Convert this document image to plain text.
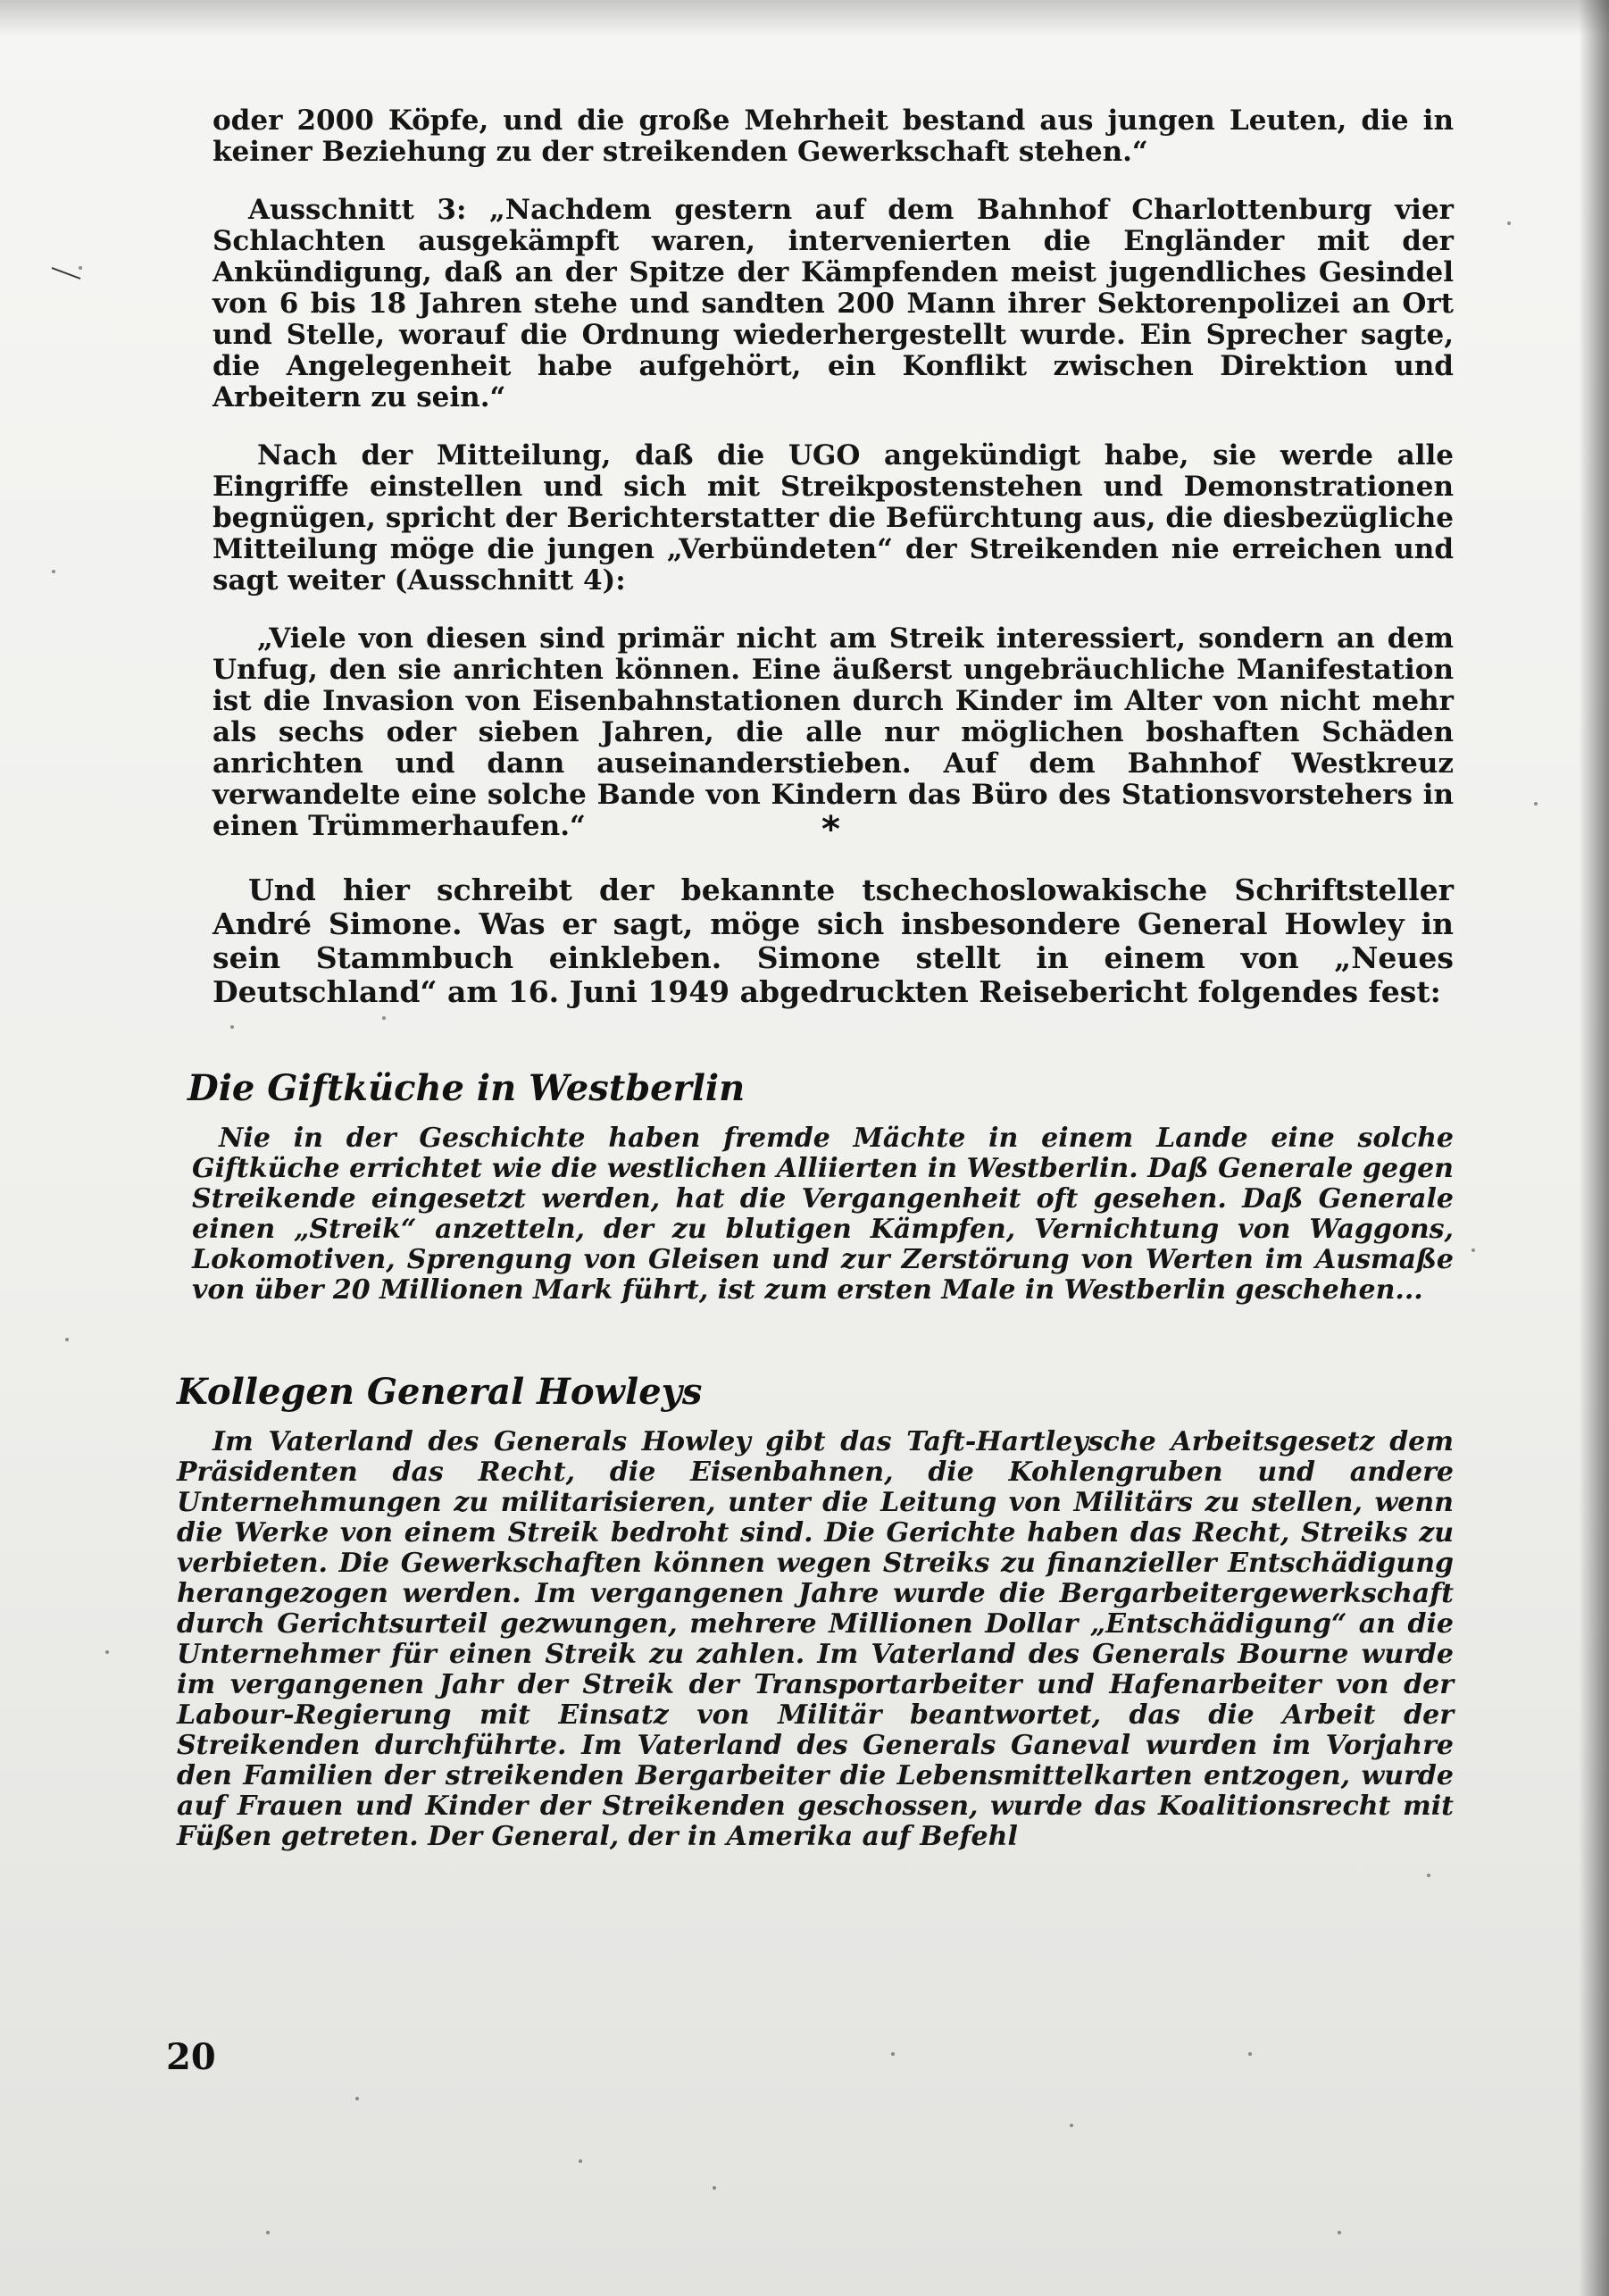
oder 2000 Köpfe, und die große Mehrheit bestand aus jungen Leuten, die in keiner Beziehung zu der streikenden Gewerkschaft stehen.“

Ausschnitt 3: „Nachdem gestern auf dem Bahnhof Charlottenburg vier Schlachten ausgekämpft waren, intervenierten die Engländer mit der Ankündigung, daß an der Spitze der Kämpfenden meist jugendliches Gesindel von 6 bis 18 Jahren stehe und sandten 200 Mann ihrer Sektorenpolizei an Ort und Stelle, worauf die Ordnung wiederhergestellt wurde. Ein Sprecher sagte, die Angelegenheit habe aufgehört, ein Konflikt zwischen Direktion und Arbeitern zu sein.“

Nach der Mitteilung, daß die UGO angekündigt habe, sie werde alle Eingriffe einstellen und sich mit Streikpostenstehen und Demonstrationen begnügen, spricht der Berichterstatter die Befürchtung aus, die diesbezügliche Mitteilung möge die jungen „Verbündeten“ der Streikenden nie erreichen und sagt weiter (Ausschnitt 4):

„Viele von diesen sind primär nicht am Streik interessiert, sondern an dem Unfug, den sie anrichten können. Eine äußerst ungebräuchliche Manifestation ist die Invasion von Eisenbahnstationen durch Kinder im Alter von nicht mehr als sechs oder sieben Jahren, die alle nur möglichen boshaften Schäden anrichten und dann auseinanderstieben. Auf dem Bahnhof Westkreuz verwandelte eine solche Bande von Kindern das Büro des Stationsvorstehers in einen Trümmerhaufen.“	*

Und hier schreibt der bekannte tschechoslowakische Schriftsteller André Simone. Was er sagt, möge sich insbesondere General Howley in sein Stammbuch einkleben. Simone stellt in einem von „Neues Deutschland“ am 16. Juni 1949 abgedruckten Reisebericht folgendes fest:

Die Giftküche in Westberlin

Nie in der Geschichte haben fremde Mächte in einem Lande eine solche Giftküche errichtet wie die westlichen Alliierten in Westberlin. Daß Generale gegen Streikende eingesetzt werden, hat die Vergangenheit oft gesehen. Daß Generale einen „Streik“ anzetteln, der zu blutigen Kämpfen, Vernichtung von Waggons, Lokomotiven, Sprengung von Gleisen und zur Zerstörung von Werten im Ausmaße von über 20 Millionen Mark führt, ist zum ersten Male in Westberlin geschehen...

Kollegen General Howleys

Im Vaterland des Generals Howley gibt das Taft-Hartleysche Arbeitsgesetz dem Präsidenten das Recht, die Eisenbahnen, die Kohlengruben und andere Unternehmungen zu militarisieren, unter die Leitung von Militärs zu stellen, wenn die Werke von einem Streik bedroht sind. Die Gerichte haben das Recht, Streiks zu verbieten. Die Gewerkschaften können wegen Streiks zu finanzieller Entschädigung herangezogen werden. Im vergangenen Jahre wurde die Bergarbeitergewerkschaft durch Gerichtsurteil gezwungen, mehrere Millionen Dollar „Entschädigung“ an die Unternehmer für einen Streik zu zahlen. Im Vaterland des Generals Bourne wurde im vergangenen Jahr der Streik der Transportarbeiter und Hafenarbeiter von der Labour-Regierung mit Einsatz von Militär beantwortet, das die Arbeit der Streikenden durchführte. Im Vaterland des Generals Ganeval wurden im Vorjahre den Familien der streikenden Bergarbeiter die Lebensmittelkarten entzogen, wurde auf Frauen und Kinder der Streikenden geschossen, wurde das Koalitionsrecht mit Füßen getreten. Der General, der in Amerika auf Befehl

20
